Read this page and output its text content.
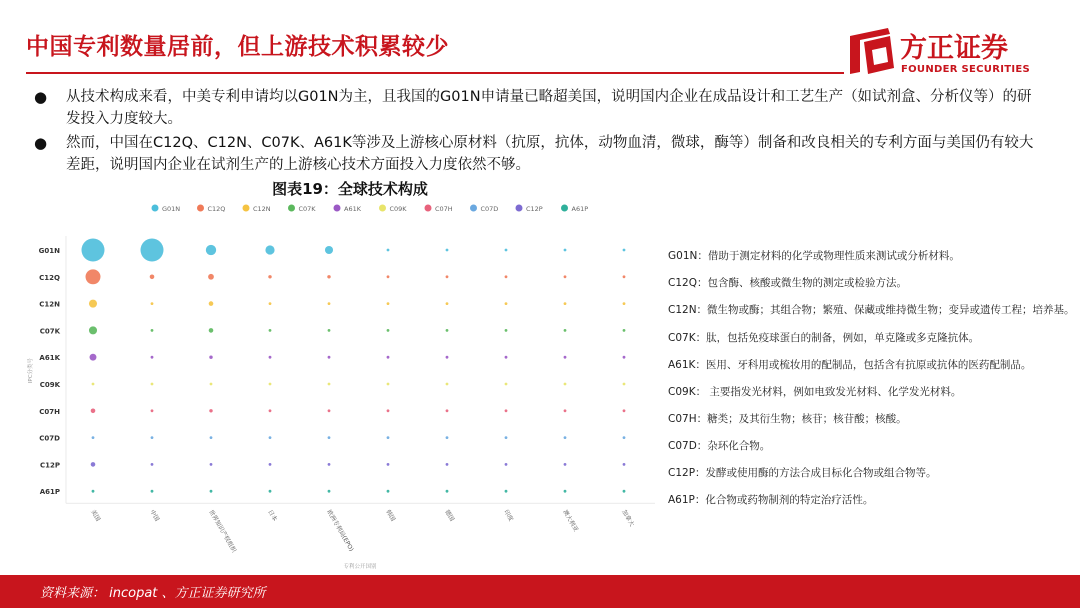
中国专利数量居前，但上游技术积累较少	方正证券
FOUNDER SECURITIES
● 从技术构成来看，中美专利申请均以G01N为主，且我国的G01N申请量已略超美国，说明国内企业在成品设计和工艺生产（如试剂盒、分析仪等）的研发投入力度较大。
● 然而，中国在C12Q、C12N、C07K、A61K等涉及上游核心原材料（抗原，抗体，动物血清，微球，酶等）制备和改良相关的专利方面与美国仍有较大差距，说明国内企业在试剂生产的上游核心技术方面投入力度依然不够。
图表19：全球技术构成
G01N	C12Q	C12N	C07K	A61K	C09K	C07H	C07D	C12P	A61P
G01N
C12Q
C12N
C07K
A61K
C09K
C07H
C07D
C12P
A61P
美国	中国	世界知识产权组织	日本	欧洲专利局(EPO)	韩国	德国	印度	澳大利亚	加拿大
IPC分类号
专利公开国别
G01N：借助于测定材料的化学或物理性质来测试或分析材料。
C12Q：包含酶、核酸或微生物的测定或检验方法。
C12N：微生物或酶；其组合物；繁殖、保藏或维持微生物；变异或遗传工程；培养基。
C07K：肽，包括免疫球蛋白的制备，例如，单克隆或多克隆抗体。
A61K：医用、牙科用或梳妆用的配制品，包括含有抗原或抗体的医药配制品。
C09K： 主要指发光材料，例如电致发光材料、化学发光材料。
C07H：糖类；及其衍生物；核苷；核苷酸；核酸。
C07D：杂环化合物。
C12P：发酵或使用酶的方法合成目标化合物或组合物等。
A61P：化合物或药物制剂的特定治疗活性。
资料来源： incopat 、方正证券研究所
